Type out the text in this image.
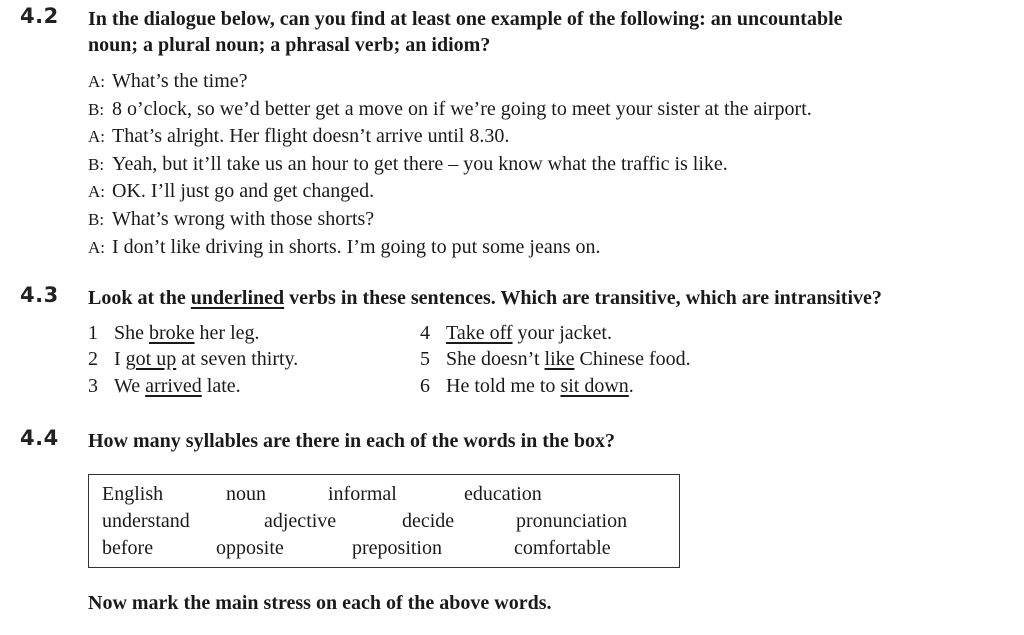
4.2 In the dialogue below, can you find at least one example of the following: an uncountable
noun; a plural noun; a phrasal verb; an idiom?
A: What’s the time?
B: 8 o’clock, so we’d better get a move on if we’re going to meet your sister at the airport.
A: That’s alright. Her flight doesn’t arrive until 8.30.
B: Yeah, but it’ll take us an hour to get there – you know what the traffic is like.
A: OK. I’ll just go and get changed.
B: What’s wrong with those shorts?
A: I don’t like driving in shorts. I’m going to put some jeans on.
4.3 Look at the underlined verbs in these sentences. Which are transitive, which are intransitive?
1 She broke her leg.
2 I got up at seven thirty.
3 We arrived late.
4 Take off your jacket.
5 She doesn’t like Chinese food.
6 He told me to sit down.
4.4 How many syllables are there in each of the words in the box?
English	noun	informal	education
understand	adjective	decide	pronunciation
before	opposite	preposition	comfortable
Now mark the main stress on each of the above words.
